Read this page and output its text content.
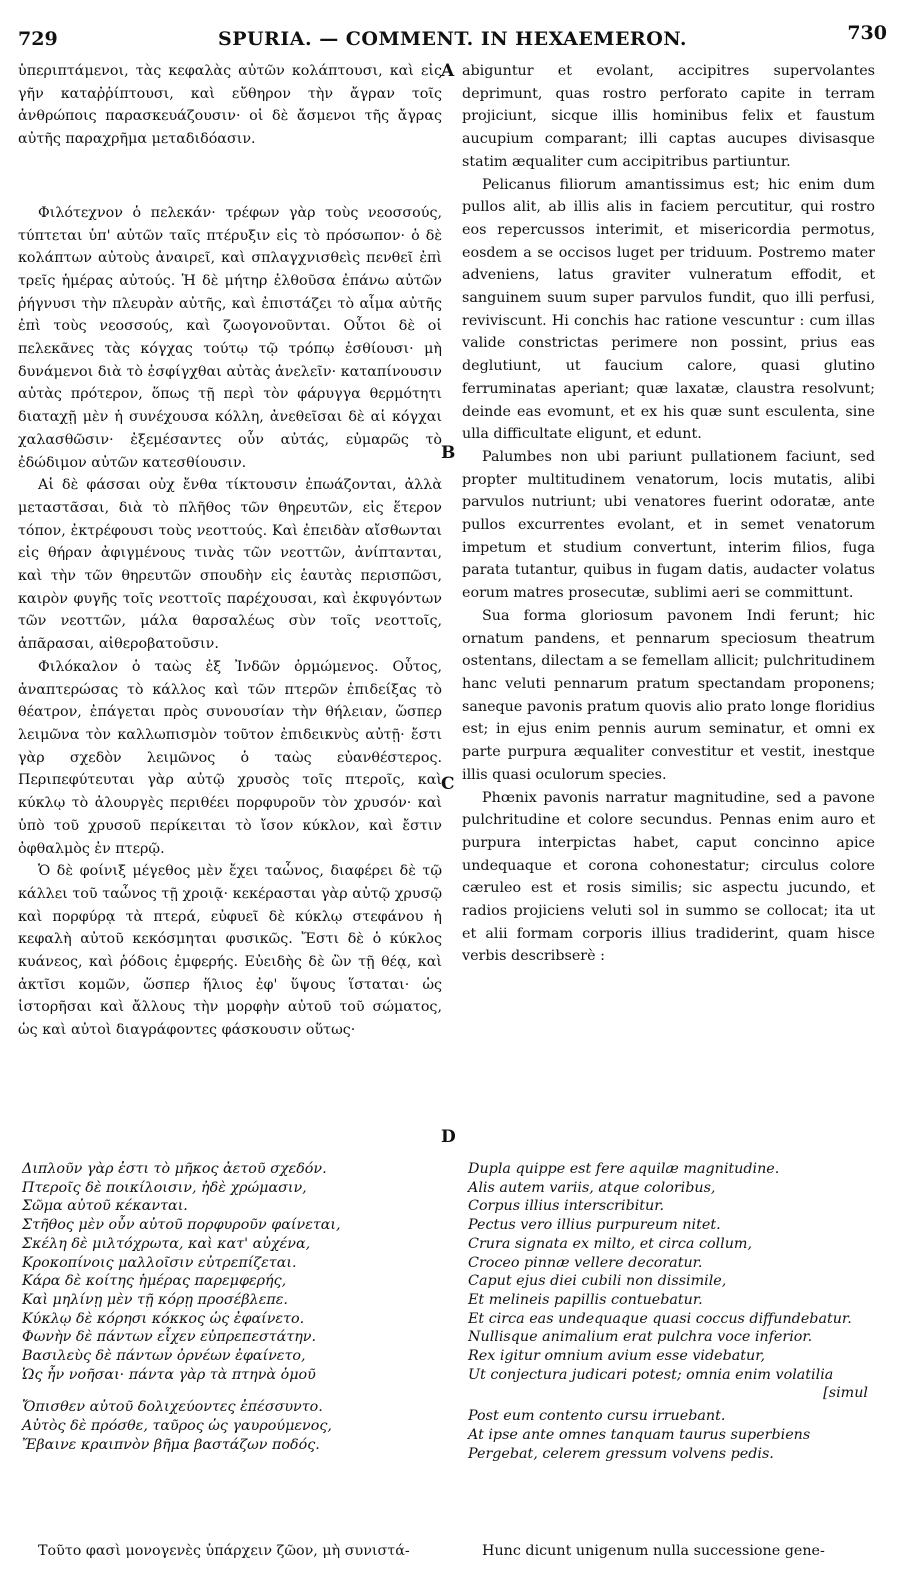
729	SPURIA. — COMMENT. IN HEXAEMERON.	730

ὑπεριπτάμενοι, τὰς κεφαλὰς αὐτῶν κολάπτουσι, καὶ εἰς γῆν καταῤῥίπτουσι, καὶ εὔθηρον τὴν ἄγραν τοῖς ἀνθρώποις παρασκευάζουσιν· οἱ δὲ ἄσμενοι τῆς ἄγρας αὐτῆς παραχρῆμα μεταδιδόασιν.

Φιλότεχνον ὁ πελεκάν· τρέφων γὰρ τοὺς νεοσσούς, τύπτεται ὑπ' αὐτῶν ταῖς πτέρυξιν εἰς τὸ πρόσωπον· ὁ δὲ κολάπτων αὐτοὺς ἀναιρεῖ, καὶ σπλαγχνισθεὶς πενθεῖ ἐπὶ τρεῖς ἡμέρας αὐτούς. Ἡ δὲ μήτηρ ἐλθοῦσα ἐπάνω αὐτῶν ῥήγνυσι τὴν πλευρὰν αὐτῆς, καὶ ἐπιστάζει τὸ αἷμα αὐτῆς ἐπὶ τοὺς νεοσσούς, καὶ ζωογονοῦνται. Οὗτοι δὲ οἱ πελεκᾶνες τὰς κόγχας τούτῳ τῷ τρόπῳ ἐσθίουσι· μὴ δυνάμενοι διὰ τὸ ἐσφίγχθαι αὐτὰς ἀνελεῖν· καταπίνουσιν αὐτὰς πρότερον, ὅπως τῇ περὶ τὸν φάρυγγα θερμότητι διαταχῇ μὲν ἡ συνέχουσα κόλλη, ἀνεθεῖσαι δὲ αἱ κόγχαι χαλασθῶσιν· ἐξεμέσαντες οὖν αὐτάς, εὐμαρῶς τὸ ἐδώδιμον αὐτῶν κατεσθίουσιν.

Αἱ δὲ φάσσαι οὐχ ἔνθα τίκτουσιν ἐπωάζονται, ἀλλὰ μεταστᾶσαι, διὰ τὸ πλῆθος τῶν θηρευτῶν, εἰς ἕτερον τόπον, ἐκτρέφουσι τοὺς νεοττούς. Καὶ ἐπειδὰν αἴσθωνται εἰς θήραν ἀφιγμένους τινὰς τῶν νεοττῶν, ἀνίπτανται, καὶ τὴν τῶν θηρευτῶν σπουδὴν εἰς ἑαυτὰς περισπῶσι, καιρὸν φυγῆς τοῖς νεοττοῖς παρέχουσαι, καὶ ἐκφυγόντων τῶν νεοττῶν, μάλα θαρσαλέως σὺν τοῖς νεοττοῖς, ἀπᾶρασαι, αἰθεροβατοῦσιν.

Φιλόκαλον ὁ ταὼς ἐξ Ἰνδῶν ὁρμώμενος. Οὗτος, ἀναπτερώσας τὸ κάλλος καὶ τῶν πτερῶν ἐπιδείξας τὸ θέατρον, ἐπάγεται πρὸς συνουσίαν τὴν θήλειαν, ὥσπερ λειμῶνα τὸν καλλωπισμὸν τοῦτον ἐπιδεικνὺς αὐτῇ· ἔστι γὰρ σχεδὸν λειμῶνος ὁ ταὼς εὐανθέστερος. Περιπεφύτευται γὰρ αὐτῷ χρυσὸς τοῖς πτεροῖς, καὶ κύκλῳ τὸ ἁλουργὲς περιθέει πορφυροῦν τὸν χρυσόν· καὶ ὑπὸ τοῦ χρυσοῦ περίκειται τὸ ἴσον κύκλον, καὶ ἔστιν ὀφθαλμὸς ἐν πτερῷ.

Ὁ δὲ φοίνιξ μέγεθος μὲν ἔχει ταὧνος, διαφέρει δὲ τῷ κάλλει τοῦ ταὧνος τῇ χροιᾷ· κεκέρασται γὰρ αὐτῷ χρυσῷ καὶ πορφύρᾳ τὰ πτερά, εὐφυεῖ δὲ κύκλῳ στεφάνου ἡ κεφαλὴ αὐτοῦ κεκόσμηται φυσικῶς. Ἔστι δὲ ὁ κύκλος κυάνεος, καὶ ῥόδοις ἐμφερής. Εὐειδὴς δὲ ὢν τῇ θέᾳ, καὶ ἀκτῖσι κομῶν, ὥσπερ ἥλιος ἐφ' ὕψους ἵσταται· ὡς ἱστορῆσαι καὶ ἄλλους τὴν μορφὴν αὐτοῦ τοῦ σώματος, ὡς καὶ αὐτοὶ διαγράφοντες φάσκουσιν οὕτως·

abiguntur et evolant, accipitres supervolantes deprimunt, quas rostro perforato capite in terram projiciunt, sicque illis hominibus felix et faustum aucupium comparant; illi captas aucupes divisasque statim æqualiter cum accipitribus partiuntur.

Pelicanus filiorum amantissimus est; hic enim dum pullos alit, ab illis alis in faciem percutitur, qui rostro eos repercussos interimit, et misericordia permotus, eosdem a se occisos luget per triduum. Postremo mater adveniens, latus graviter vulneratum effodit, et sanguinem suum super parvulos fundit, quo illi perfusi, reviviscunt. Hi conchis hac ratione vescuntur : cum illas valide constrictas perimere non possint, prius eas deglutiunt, ut faucium calore, quasi glutino ferruminatas aperiant; quæ laxatæ, claustra resolvunt; deinde eas evomunt, et ex his quæ sunt esculenta, sine ulla difficultate eligunt, et edunt.

Palumbes non ubi pariunt pullationem faciunt, sed propter multitudinem venatorum, locis mutatis, alibi parvulos nutriunt; ubi venatores fuerint odoratæ, ante pullos excurrentes evolant, et in semet venatorum impetum et studium convertunt, interim filios, fuga parata tutantur, quibus in fugam datis, audacter volatus eorum matres prosecutæ, sublimi aeri se committunt.

Sua forma gloriosum pavonem Indi ferunt; hic ornatum pandens, et pennarum speciosum theatrum ostentans, dilectam a se femellam allicit; pulchritudinem hanc veluti pennarum pratum spectandam proponens; saneque pavonis pratum quovis alio prato longe floridius est; in ejus enim pennis aurum seminatur, et omni ex parte purpura æqualiter convestitur et vestit, inestque illis quasi oculorum species.

Phœnix pavonis narratur magnitudine, sed a pavone pulchritudine et colore secundus. Pennas enim auro et purpura interpictas habet, caput concinno apice undequaque et corona cohonestatur; circulus colore cæruleo est et rosis similis; sic aspectu jucundo, et radios projiciens veluti sol in summo se collocat; ita ut et alii formam corporis illius tradiderint, quam hisce verbis describserè :

Διπλοῦν γὰρ ἐστι τὸ μῆκος ἀετοῦ σχεδόν.
Πτεροῖς δὲ ποικίλοισιν, ἠδὲ χρώμασιν,
Σῶμα αὐτοῦ κέκανται.
Στῆθος μὲν οὖν αὐτοῦ πορφυροῦν φαίνεται,
Σκέλη δὲ μιλτόχρωτα, καὶ κατ' αὐχένα,
Κροκοπίνοις μαλλοῖσιν εὐτρεπίζεται.
Κάρα δὲ κοίτης ἡμέρας παρεμφερής,
Καὶ μηλίνῃ μὲν τῇ κόρῃ προσέβλεπε.
Κύκλῳ δὲ κόρησι κόκκος ὡς ἐφαίνετο.
Φωνὴν δὲ πάντων εἶχεν εὐπρεπεστάτην.
Βασιλεὺς δὲ πάντων ὀρνέων ἐφαίνετο,
Ὡς ἦν νοῆσαι· πάντα γὰρ τὰ πτηνὰ ὁμοῦ
Ὄπισθεν αὐτοῦ δολιχεύοντες ἐπέσσυντο.
Αὐτὸς δὲ πρόσθε, ταῦρος ὡς γαυρούμενος,
Ἔβαινε κραιπνὸν βῆμα βαστάζων ποδός.
Dupla quippe est fere aquilæ magnitudine.
Alis autem variis, atque coloribus,
Corpus illius interscribitur.
Pectus vero illius purpureum nitet.
Crura signata ex milto, et circa collum,
Croceo pinnæ vellere decoratur.
Caput ejus diei cubili non dissimile,
Et melineis papillis contuebatur.
Et circa eas undequaque quasi coccus diffundebatur.
Nullisque animalium erat pulchra voce inferior.
Rex igitur omnium avium esse videbatur,
Ut conjectura judicari potest; omnia enim volatilia
[simul
Post eum contento cursu irruebant.
At ipse ante omnes tanquam taurus superbiens
Pergebat, celerem gressum volvens pedis.

Τοῦτο φασὶ μονογενὲς ὑπάρχειν ζῶον, μὴ συνιστά-	Hunc dicunt unigenum nulla successione gene-

A
B
C
D
